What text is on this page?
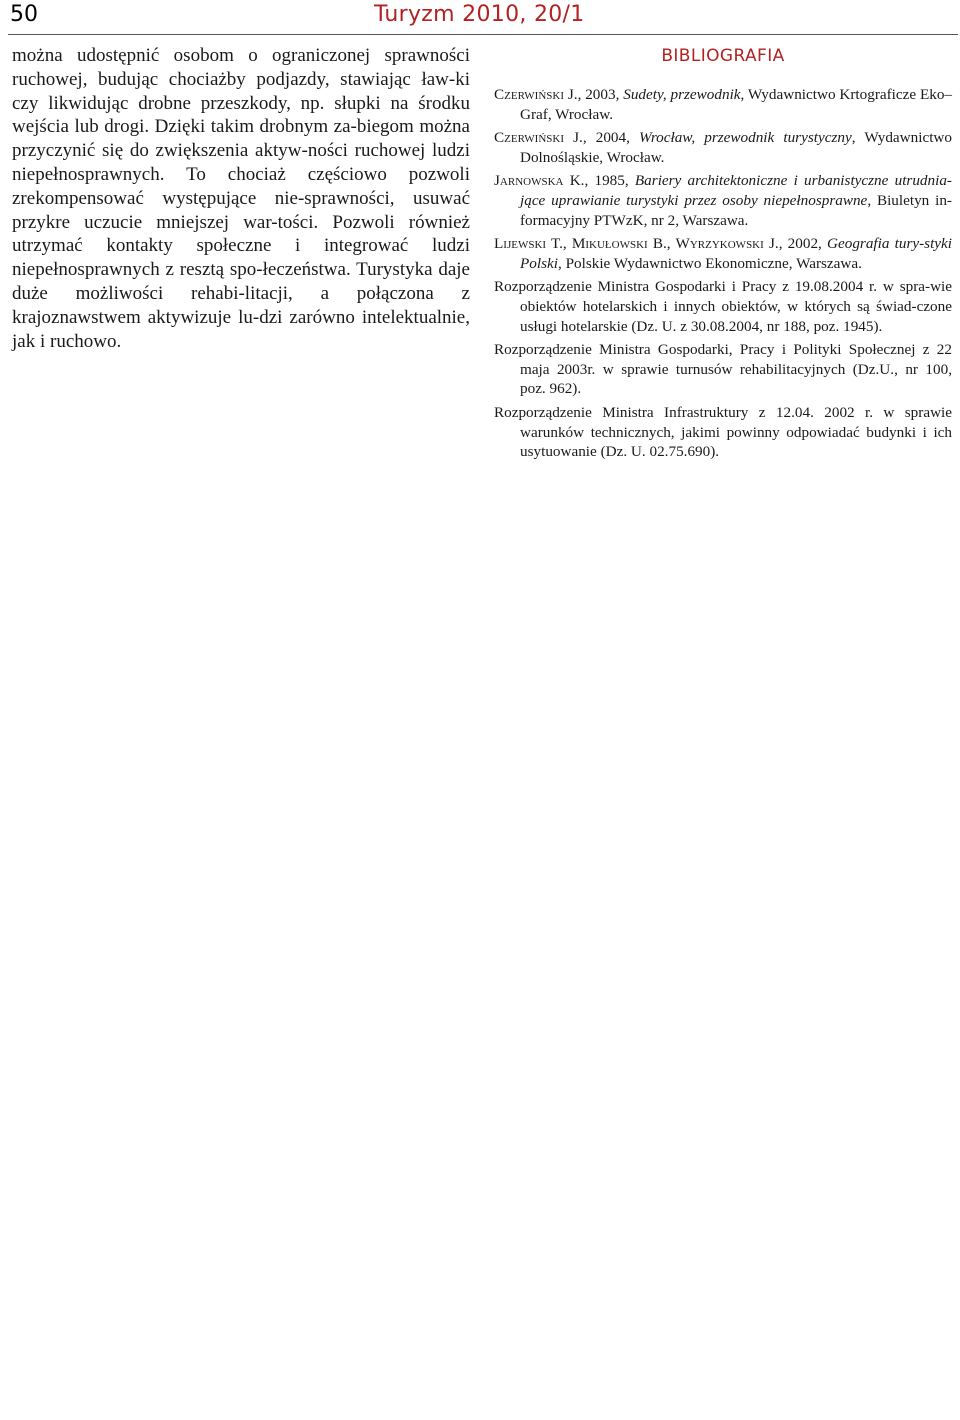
50	Turyzm 2010, 20/1

można udostępnić osobom o ograniczonej sprawności ruchowej, budując chociażby podjazdy, stawiając ław-ki czy likwidując drobne przeszkody, np. słupki na środku wejścia lub drogi. Dzięki takim drobnym za-biegom można przyczynić się do zwiększenia aktyw-ności ruchowej ludzi niepełnosprawnych. To chociaż częściowo pozwoli zrekompensować występujące nie-sprawności, usuwać przykre uczucie mniejszej war-tości. Pozwoli również utrzymać kontakty społeczne i integrować ludzi niepełnosprawnych z resztą spo-łeczeństwa. Turystyka daje duże możliwości rehabi-litacji, a połączona z krajoznawstwem aktywizuje lu-dzi zarówno intelektualnie, jak i ruchowo.

BIBLIOGRAFIA
Czerwiński J., 2003, Sudety, przewodnik, Wydawnictwo Krtograficze Eko–Graf, Wrocław.
Czerwiński J., 2004, Wrocław, przewodnik turystyczny, Wydawnictwo Dolnośląskie, Wrocław.
Jarnowska K., 1985, Bariery architektoniczne i urbanistyczne utrudnia-jące uprawianie turystyki przez osoby niepełnosprawne, Biuletyn in-formacyjny PTWzK, nr 2, Warszawa.
Lijewski T., Mikułowski B., Wyrzykowski J., 2002, Geografia tury-styki Polski, Polskie Wydawnictwo Ekonomiczne, Warszawa.
Rozporządzenie Ministra Gospodarki i Pracy z 19.08.2004 r. w spra-wie obiektów hotelarskich i innych obiektów, w których są świad-czone usługi hotelarskie (Dz. U. z 30.08.2004, nr 188, poz. 1945).
Rozporządzenie Ministra Gospodarki, Pracy i Polityki Społecznej z 22 maja 2003r. w sprawie turnusów rehabilitacyjnych (Dz.U., nr 100, poz. 962).
Rozporządzenie Ministra Infrastruktury z 12.04. 2002 r. w sprawie warunków technicznych, jakimi powinny odpowiadać budynki i ich usytuowanie (Dz. U. 02.75.690).
